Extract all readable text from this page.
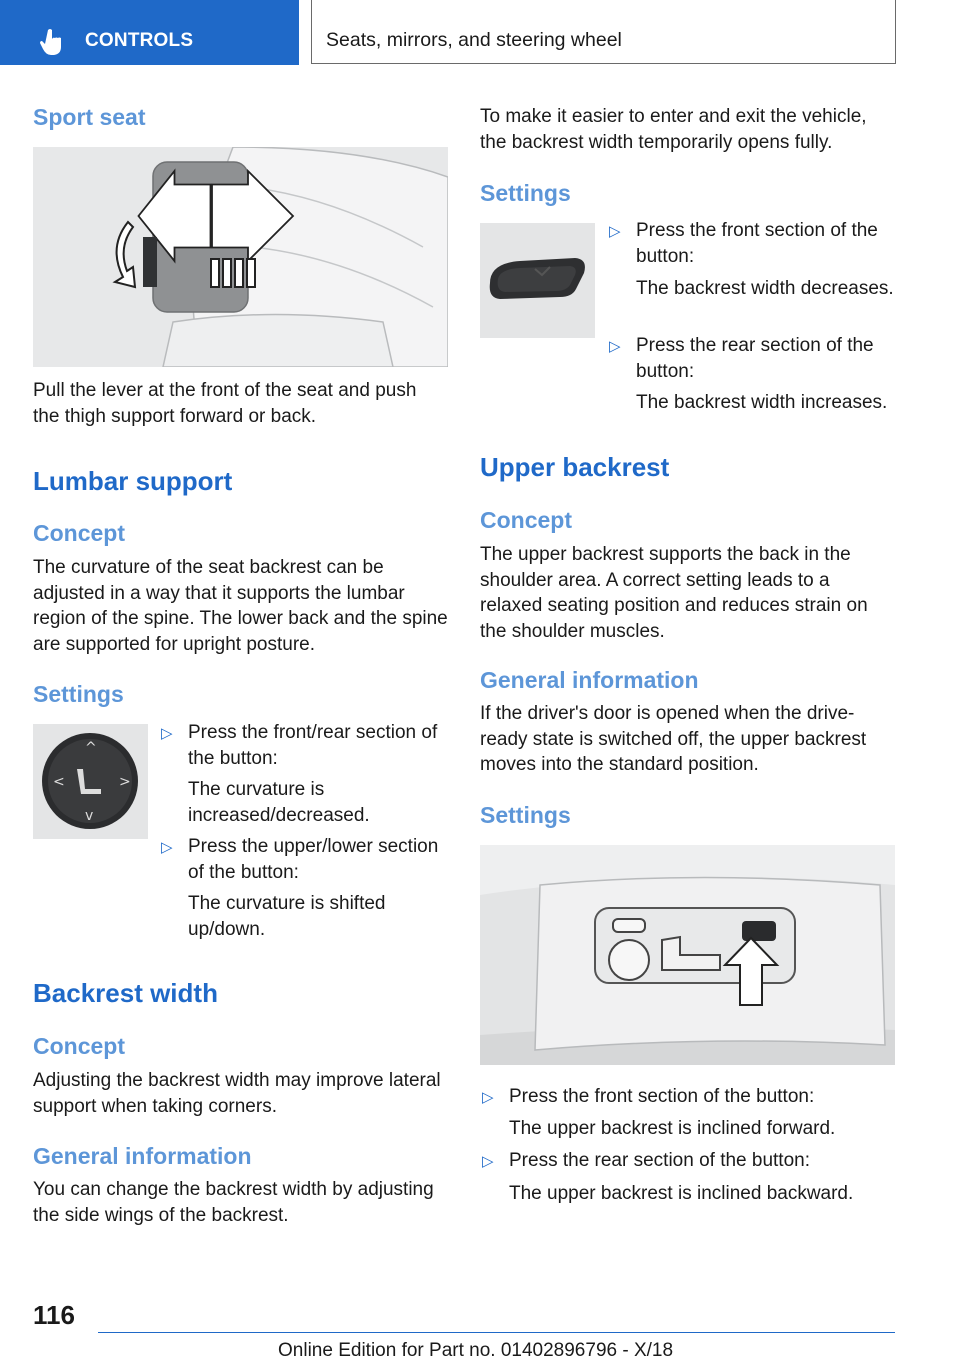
CONTROLS	Seats, mirrors, and steering wheel
Sport seat

Pull the lever at the front of the seat and push the thigh support forward or back.

Lumbar support
Concept

The curvature of the seat backrest can be adjusted in a way that it supports the lumbar region of the spine. The lower back and the spine are supported for upright posture.

Settings
^
v
<	>
▷ Press the front/rear section of the button:
The curvature is increased/decreased.
▷ Press the upper/lower section of the button:
The curvature is shifted up/down.
Backrest width
Concept

Adjusting the backrest width may improve lateral support when taking corners.

General information

You can change the backrest width by adjusting the side wings of the backrest.

To make it easier to enter and exit the vehicle, the backrest width temporarily opens fully.

Settings
▷ Press the front section of the button:
The backrest width decreases.
▷ Press the rear section of the button:
The backrest width increases.
Upper backrest
Concept

The upper backrest supports the back in the shoulder area. A correct setting leads to a relaxed seating position and reduces strain on the shoulder muscles.

General information

If the driver's door is opened when the drive-ready state is switched off, the upper backrest moves into the standard position.

Settings
▷ Press the front section of the button:
The upper backrest is inclined forward.
▷ Press the rear section of the button:
The upper backrest is inclined backward.
116
Online Edition for Part no. 01402896796 - X/18
